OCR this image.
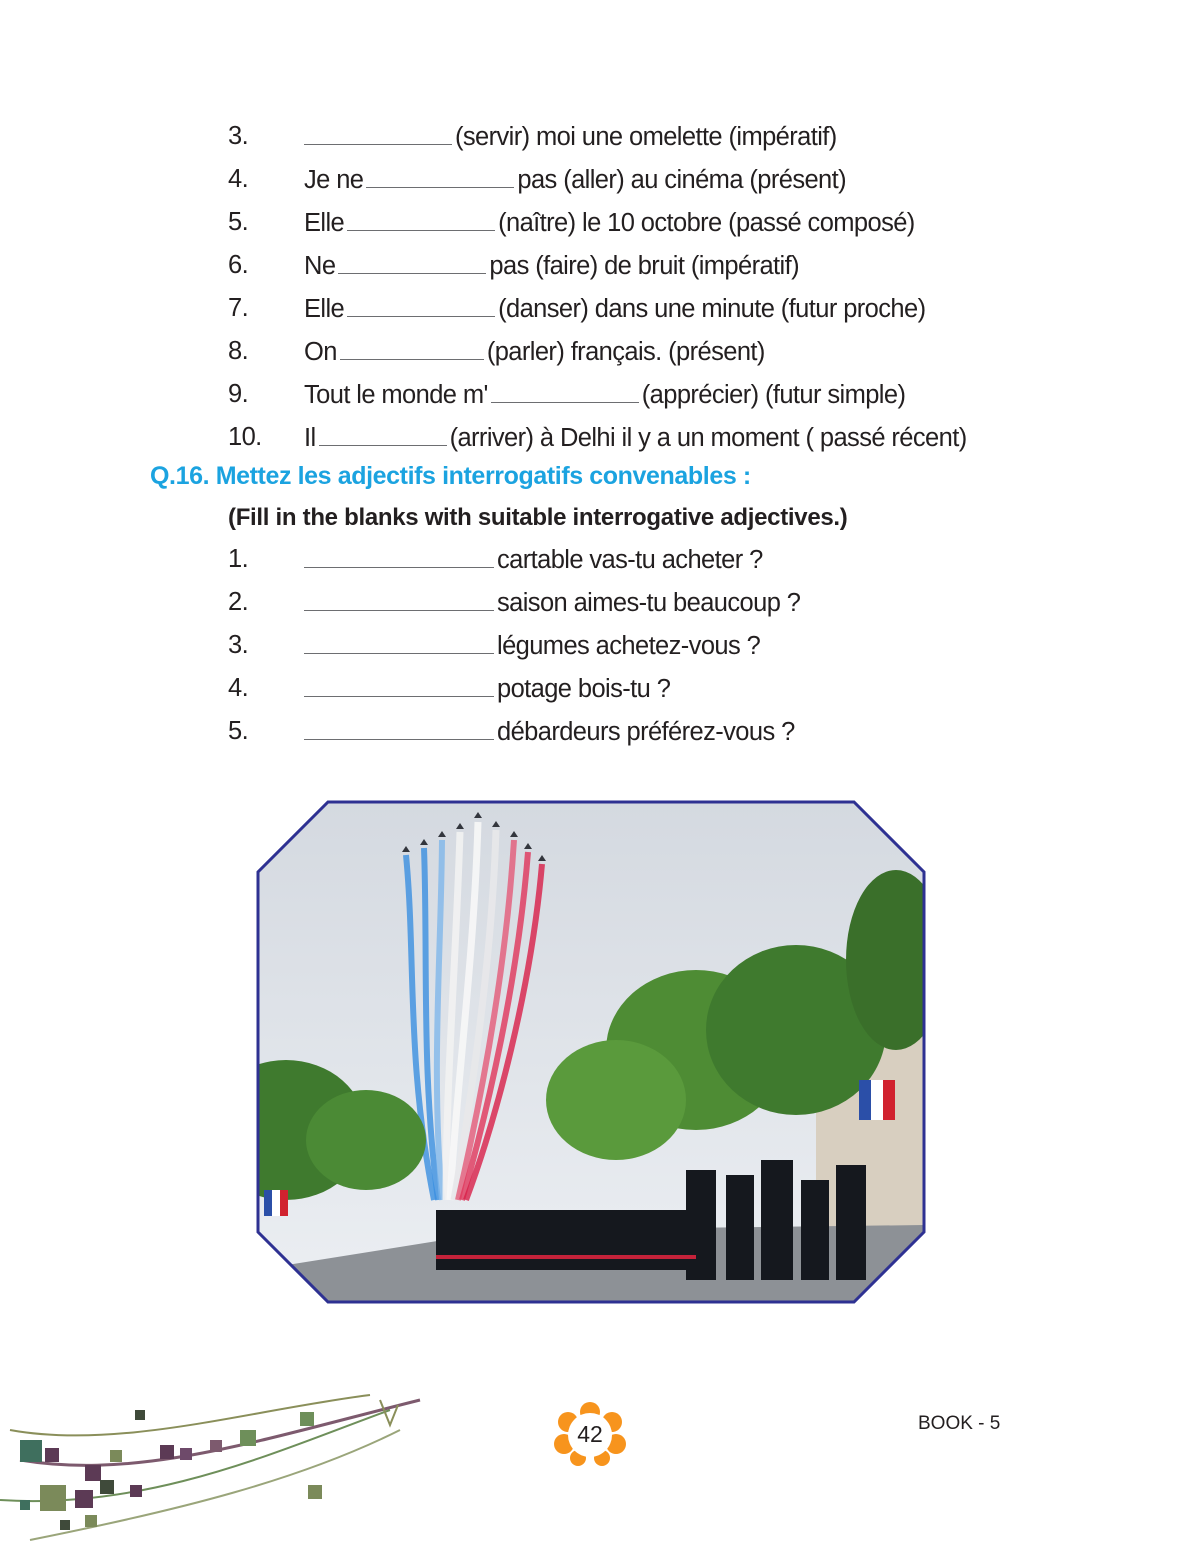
3.	(servir) moi une omelette (impératif)
4. Je ne	pas (aller) au cinéma (présent)
5. Elle	(naître) le 10 octobre (passé composé)
6. Ne	pas (faire) de bruit (impératif)
7. Elle	(danser) dans une minute (futur proche)
8. On	(parler) français. (présent)
9. Tout le monde m'	(apprécier) (futur simple)
10. Il	(arriver) à Delhi il y a un moment ( passé récent)
Q.16. Mettez les adjectifs interrogatifs convenables :
(Fill in the blanks with suitable interrogative adjectives.)
1.	cartable vas-tu acheter ?
2.	saison aimes-tu beaucoup ?
3.	légumes achetez-vous ?
4.	potage bois-tu ?
5.	débardeurs préférez-vous ?
42	BOOK - 5
